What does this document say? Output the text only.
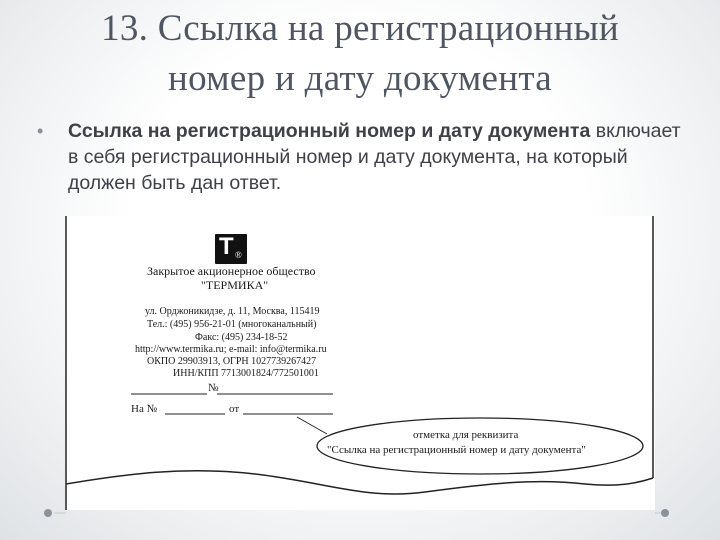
13. Ссылка на регистрационный
номер и дату документа
• Ссылка на регистрационный номер и дату документа включает в себя регистрационный номер и дату документа, на который должен быть дан ответ.
Т ®
Закрытое акционерное общество
"ТЕРМИКА"
ул. Орджоникидзе, д. 11, Москва, 115419
Тел.: (495) 956-21-01 (многоканальный)
Факс: (495) 234-18-52
http://www.termika.ru; e-mail: info@termika.ru
ОКПО 29903913, ОГРН 1027739267427
ИНН/КПП 7713001824/772501001
№
На №	от
отметка для реквизита
"Ссылка на регистрационный номер и дату документа"
